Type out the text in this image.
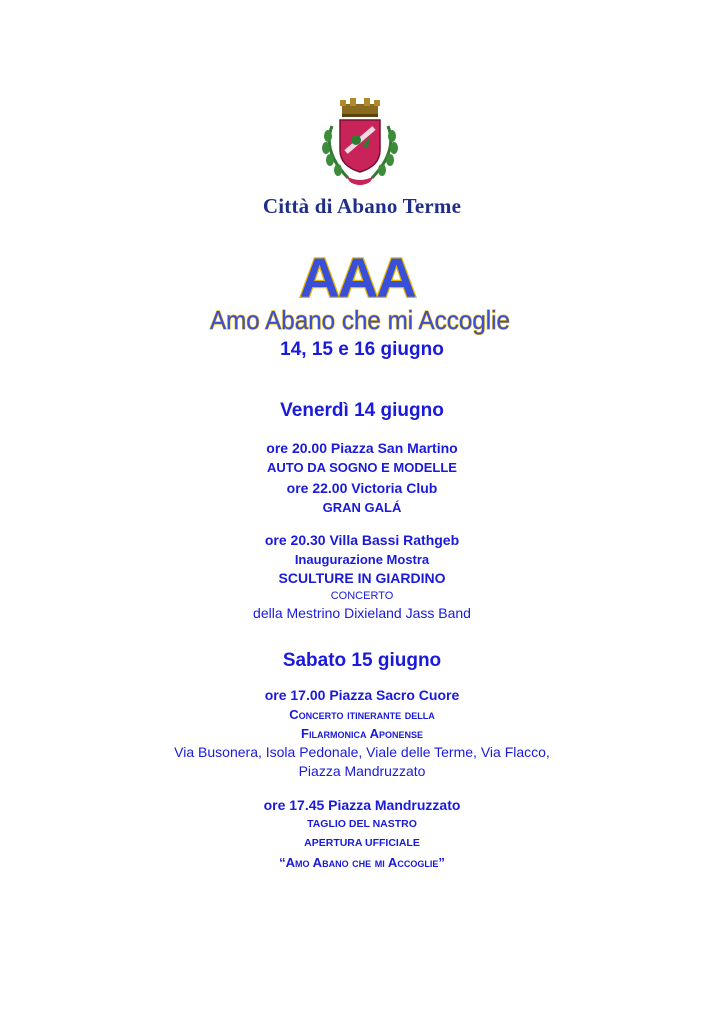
Città di Abano Terme
AAA
Amo Abano che mi Accoglie
14, 15 e 16 giugno
Venerdì 14 giugno
ore 20.00 Piazza San Martino
AUTO DA SOGNO E MODELLE
ore 22.00 Victoria Club
GRAN GALÁ
ore 20.30 Villa Bassi Rathgeb
Inaugurazione Mostra
SCULTURE IN GIARDINO
CONCERTO
della Mestrino Dixieland Jass Band
Sabato 15 giugno
ore 17.00 Piazza Sacro Cuore
Concerto itinerante della
Filarmonica Aponense
Via Busonera, Isola Pedonale, Viale delle Terme, Via Flacco,
Piazza Mandruzzato
ore 17.45 Piazza Mandruzzato
TAGLIO DEL NASTRO
APERTURA UFFICIALE
“Amo Abano che mi Accoglie”
